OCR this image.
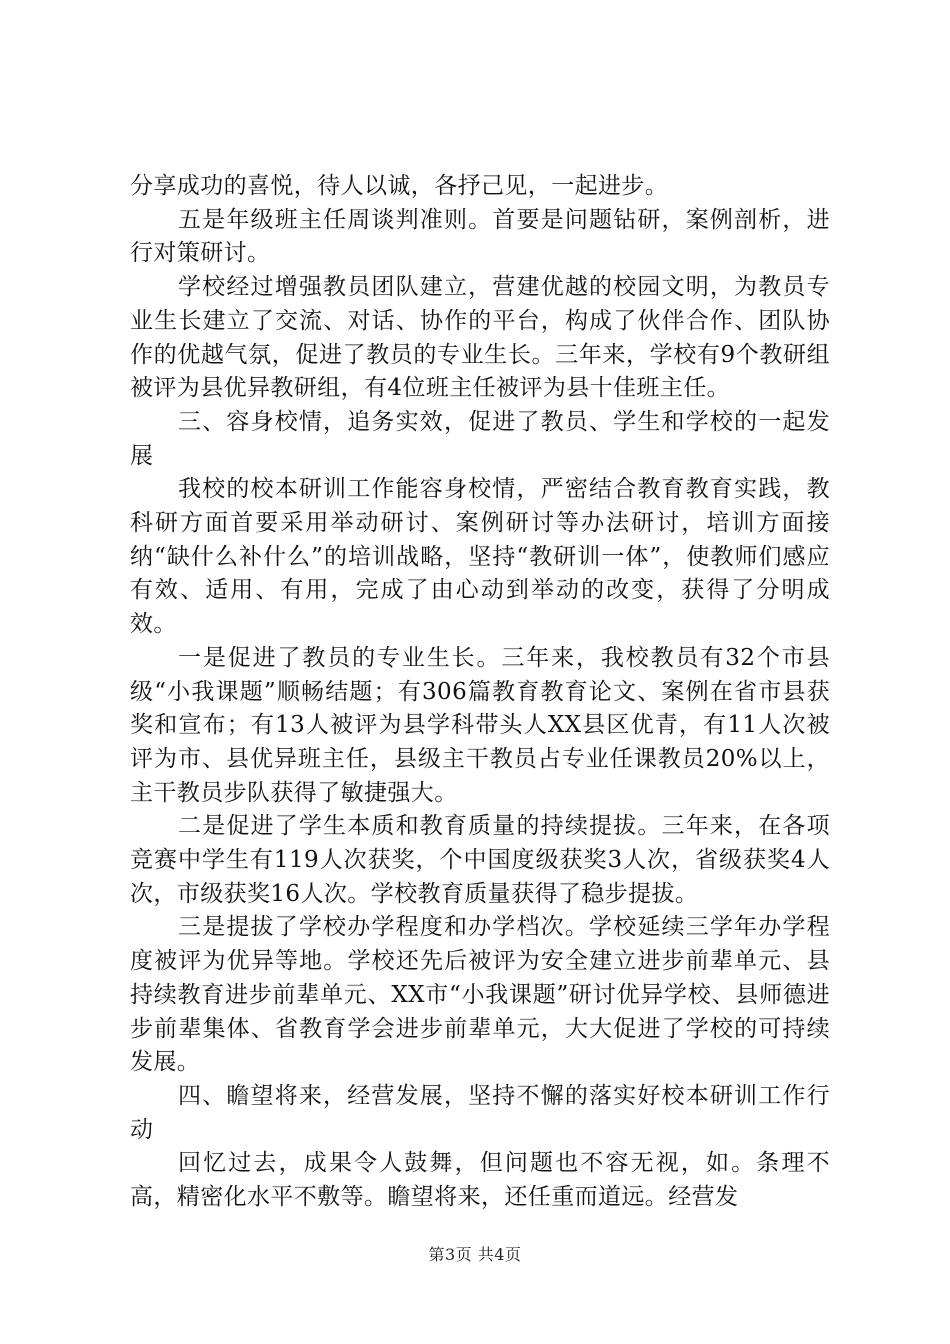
分享成功的喜悦，待人以诚，各抒己见，一起进步。

五是年级班主任周谈判准则。首要是问题钻研，案例剖析，进行对策研讨。

学校经过增强教员团队建立，营建优越的校园文明，为教员专业生长建立了交流、对话、协作的平台，构成了伙伴合作、团队协作的优越气氛，促进了教员的专业生长。三年来，学校有9个教研组被评为县优异教研组，有4位班主任被评为县十佳班主任。

三、容身校情，追务实效，促进了教员、学生和学校的一起发展

我校的校本研训工作能容身校情，严密结合教育教育实践，教科研方面首要采用举动研讨、案例研讨等办法研讨，培训方面接纳“缺什么补什么”的培训战略，坚持“教研训一体”，使教师们感应有效、适用、有用，完成了由心动到举动的改变，获得了分明成效。

一是促进了教员的专业生长。三年来，我校教员有32个市县级“小我课题”顺畅结题；有306篇教育教育论文、案例在省市县获奖和宣布；有13人被评为县学科带头人XX县区优青，有11人次被评为市、县优异班主任，县级主干教员占专业任课教员20%以上，主干教员步队获得了敏捷强大。

二是促进了学生本质和教育质量的持续提拔。三年来，在各项竞赛中学生有119人次获奖，个中国度级获奖3人次，省级获奖4人次，市级获奖16人次。学校教育质量获得了稳步提拔。

三是提拔了学校办学程度和办学档次。学校延续三学年办学程度被评为优异等地。学校还先后被评为安全建立进步前辈单元、县持续教育进步前辈单元、XX市“小我课题”研讨优异学校、县师德进步前辈集体、省教育学会进步前辈单元，大大促进了学校的可持续发展。

四、瞻望将来，经营发展，坚持不懈的落实好校本研训工作行动

回忆过去，成果令人鼓舞，但问题也不容无视，如。条理不高，精密化水平不敷等。瞻望将来，还任重而道远。经营发

第3页 共4页
